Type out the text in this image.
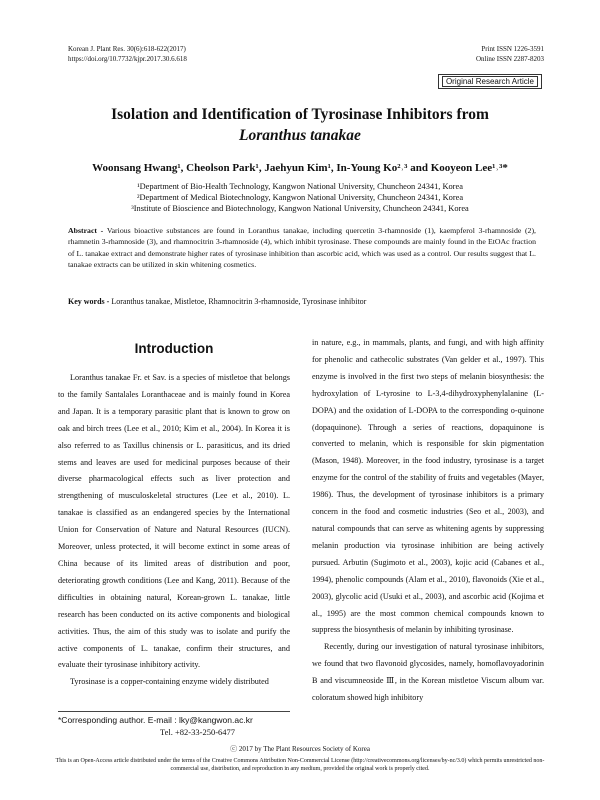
Korean J. Plant Res. 30(6):618-622(2017)
https://doi.org/10.7732/kjpr.2017.30.6.618
Print ISSN 1226-3591
Online ISSN 2287-8203
Original Research Article
Isolation and Identification of Tyrosinase Inhibitors from
Loranthus tanakae
Woonsang Hwang¹, Cheolson Park¹, Jaehyun Kim¹, In-Young Ko²˒³ and Kooyeon Lee¹˒³*
¹Department of Bio-Health Technology, Kangwon National University, Chuncheon 24341, Korea
²Department of Medical Biotechnology, Kangwon National University, Chuncheon 24341, Korea
³Institute of Bioscience and Biotechnology, Kangwon National University, Chuncheon 24341, Korea
Abstract - Various bioactive substances are found in Loranthus tanakae, including quercetin 3-rhamnoside (1), kaempferol 3-rhamnoside (2), rhamnetin 3-rhamnoside (3), and rhamnocitrin 3-rhamnoside (4), which inhibit tyrosinase. These compounds are mainly found in the EtOAc fraction of L. tanakae extract and demonstrate higher rates of tyrosinase inhibition than ascorbic acid, which was used as a control. Our results suggest that L. tanakae extracts can be utilized in skin whitening cosmetics.
Key words - Loranthus tanakae, Mistletoe, Rhamnocitrin 3-rhamnoside, Tyrosinase inhibitor
Introduction

Loranthus tanakae Fr. et Sav. is a species of mistletoe that belongs to the family Santalales Loranthaceae and is mainly found in Korea and Japan. It is a temporary parasitic plant that is known to grow on oak and birch trees (Lee et al., 2010; Kim et al., 2004). In Korea it is also referred to as Taxillus chinensis or L. parasiticus, and its dried stems and leaves are used for medicinal purposes because of their diverse pharmacological effects such as liver protection and strengthening of musculoskeletal structures (Lee et al., 2010). L. tanakae is classified as an endangered species by the International Union for Conservation of Nature and Natural Resources (IUCN). Moreover, unless protected, it will become extinct in some areas of China because of its limited areas of distribution and poor, deteriorating growth conditions (Lee and Kang, 2011). Because of the difficulties in obtaining natural, Korean-grown L. tanakae, little research has been conducted on its active components and biological activities. Thus, the aim of this study was to isolate and purify the active components of L. tanakae, confirm their structures, and evaluate their tyrosinase inhibitory activity.

Tyrosinase is a copper-containing enzyme widely distributed

in nature, e.g., in mammals, plants, and fungi, and with high affinity for phenolic and cathecolic substrates (Van gelder et al., 1997). This enzyme is involved in the first two steps of melanin biosynthesis: the hydroxylation of L-tyrosine to L-3,4-dihydroxyphenylalanine (L-DOPA) and the oxidation of L-DOPA to the corresponding o-quinone (dopaquinone). Through a series of reactions, dopaquinone is converted to melanin, which is responsible for skin pigmentation (Mason, 1948). Moreover, in the food industry, tyrosinase is a target enzyme for the control of the stability of fruits and vegetables (Mayer, 1986). Thus, the development of tyrosinase inhibitors is a primary concern in the food and cosmetic industries (Seo et al., 2003), and natural compounds that can serve as whitening agents by suppressing melanin production via tyrosinase inhibition are being actively pursued. Arbutin (Sugimoto et al., 2003), kojic acid (Cabanes et al., 1994), phenolic compounds (Alam et al., 2010), flavonoids (Xie et al., 2003), glycolic acid (Usuki et al., 2003), and ascorbic acid (Kojima et al., 1995) are the most common chemical compounds known to suppress the biosynthesis of melanin by inhibiting tyrosinase.

Recently, during our investigation of natural tyrosinase inhibitors, we found that two flavonoid glycosides, namely, homoflavoyadorinin B and viscumneoside Ⅲ, in the Korean mistletoe Viscum album var. coloratum showed high inhibitory

*Corresponding author. E-mail : lky@kangwon.ac.kr
Tel. +82-33-250-6477
ⓒ 2017 by The Plant Resources Society of Korea
This is an Open-Access article distributed under the terms of the Creative Commons Attribution Non-Commercial License (http://creativecommons.org/licenses/by-nc/3.0) which permits unrestricted non-commercial use, distribution, and reproduction in any medium, provided the original work is properly cited.
